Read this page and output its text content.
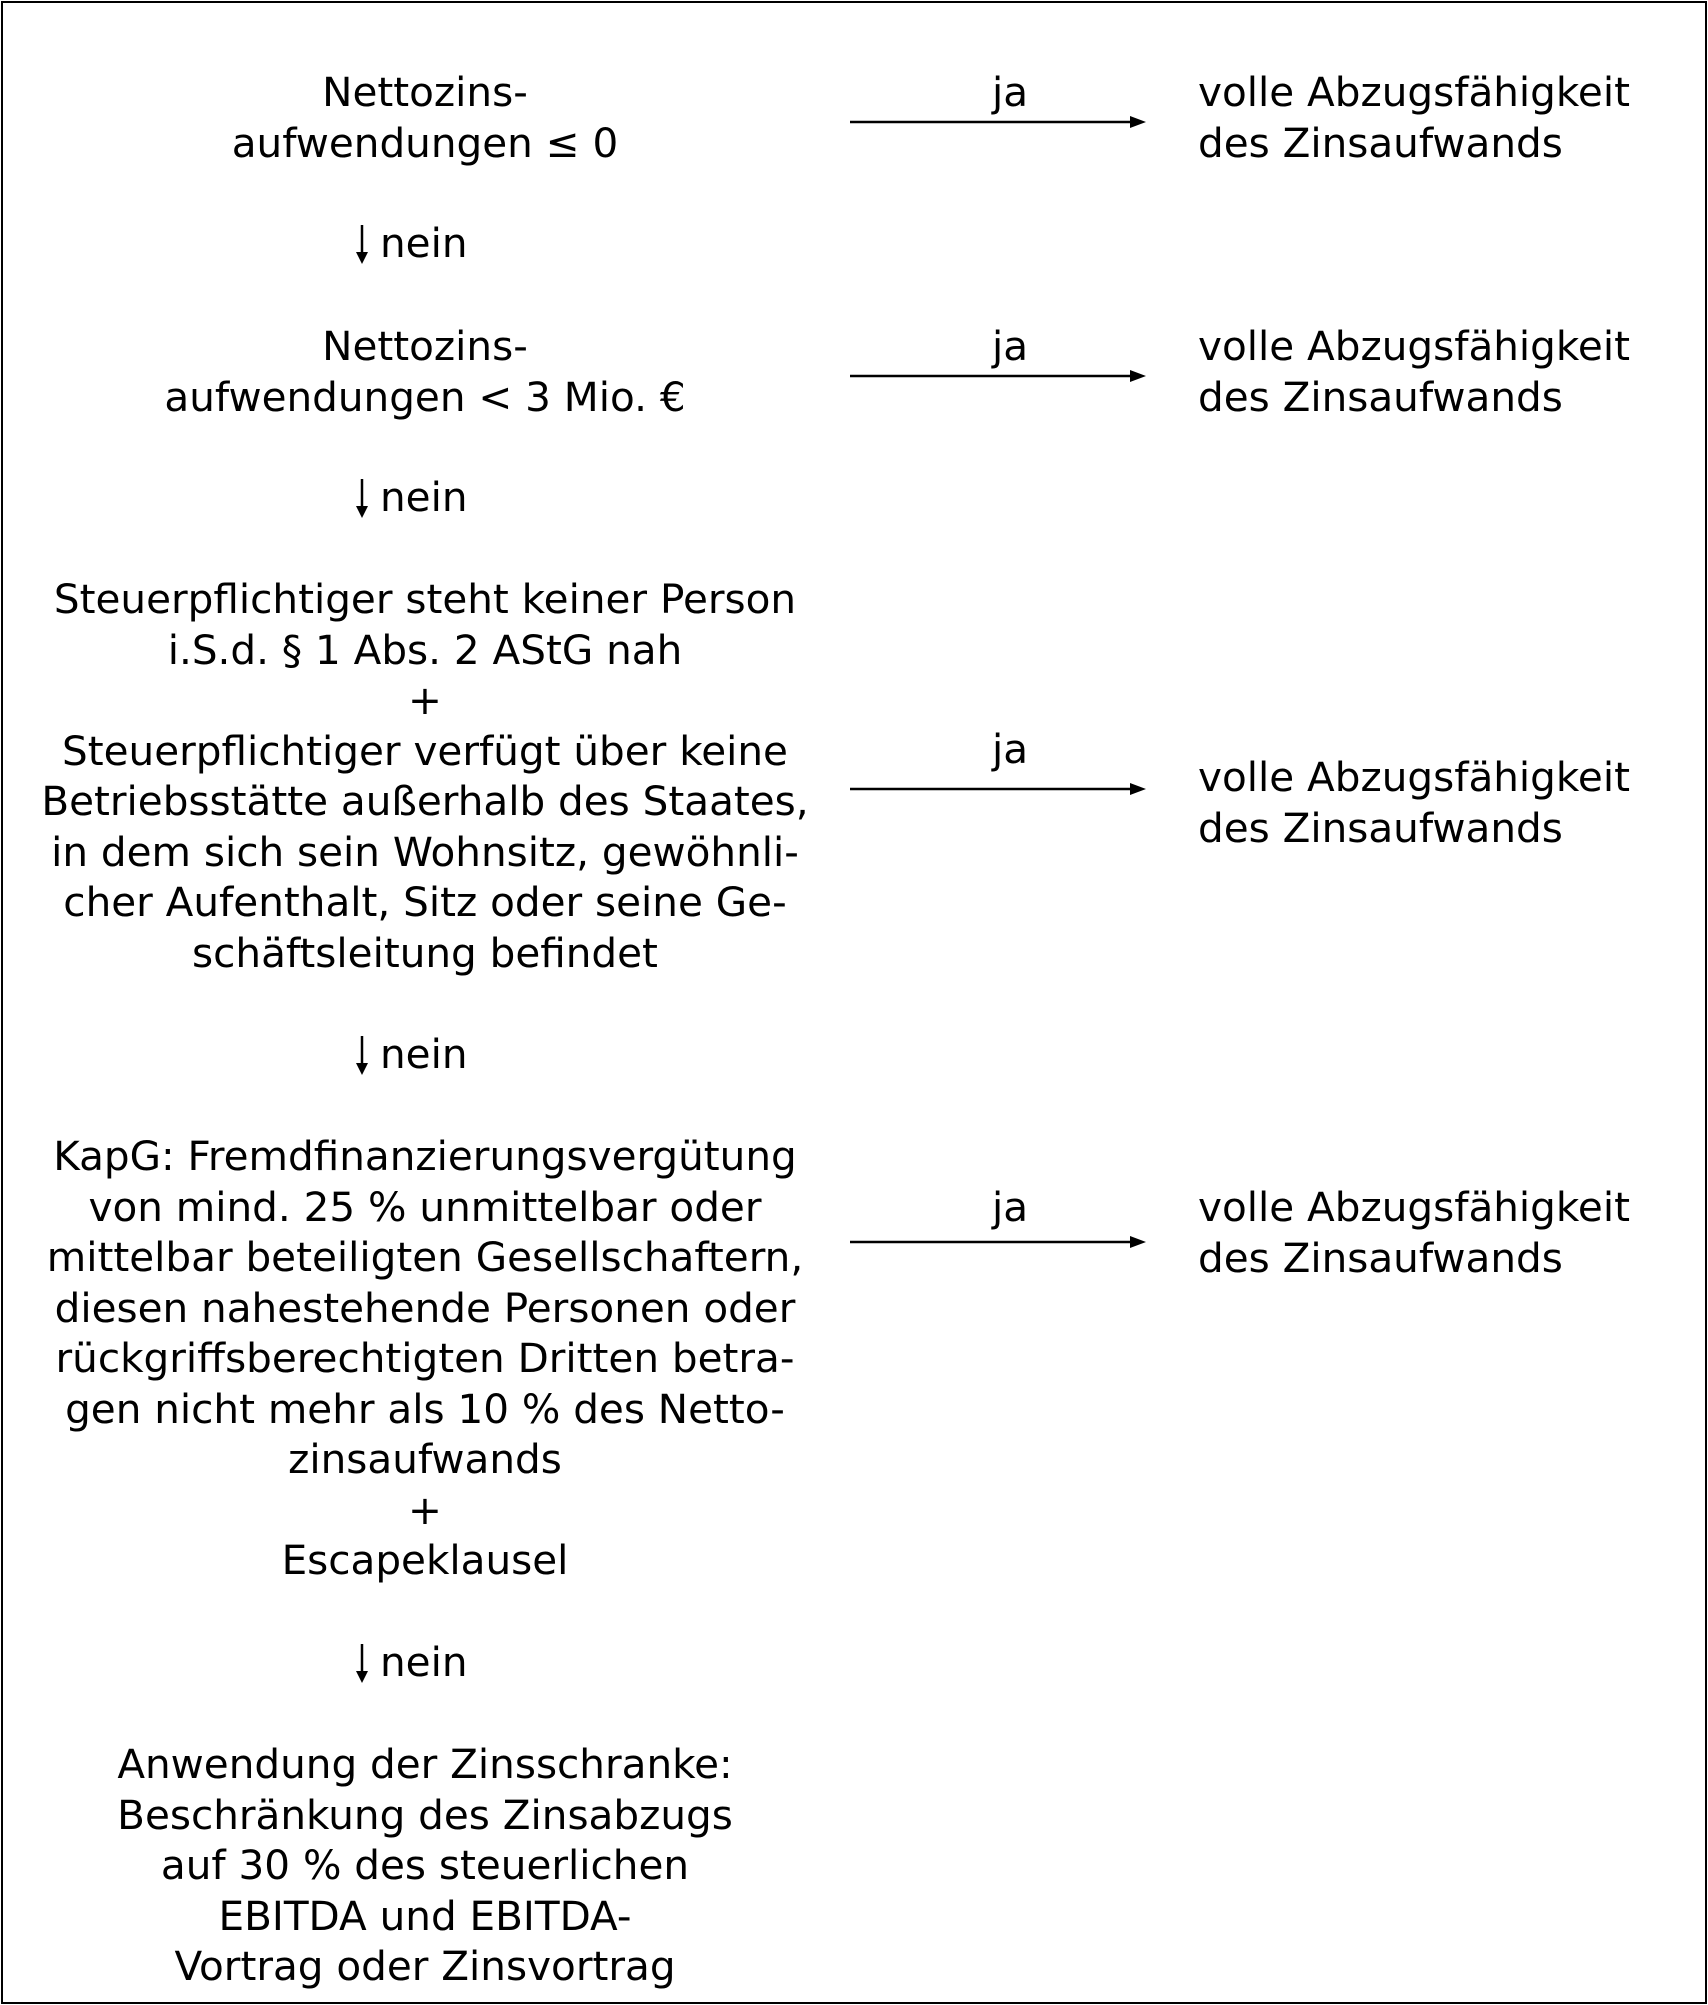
Nettozins-
aufwendungen ≤ 0
ja	volle Abzugsfähigkeit
des Zinsaufwands
nein
Nettozins-
aufwendungen < 3 Mio. €
ja	volle Abzugsfähigkeit
des Zinsaufwands
nein
Steuerpflichtiger steht keiner Person
i.S.d. § 1 Abs. 2 AStG nah
+
Steuerpflichtiger verfügt über keine
Betriebsstätte außerhalb des Staates,
in dem sich sein Wohnsitz, gewöhnli-
cher Aufenthalt, Sitz oder seine Ge-
schäftsleitung befindet
ja
volle Abzugsfähigkeit
des Zinsaufwands
nein
KapG: Fremdfinanzierungsvergütung
von mind. 25 % unmittelbar oder
mittelbar beteiligten Gesellschaftern,
diesen nahestehende Personen oder
rückgriffsberechtigten Dritten betra-
gen nicht mehr als 10 % des Netto-
zinsaufwands
+
Escapeklausel
ja	volle Abzugsfähigkeit
des Zinsaufwands
nein
Anwendung der Zinsschranke:
Beschränkung des Zinsabzugs
auf 30 % des steuerlichen
EBITDA und EBITDA-
Vortrag oder Zinsvortrag
